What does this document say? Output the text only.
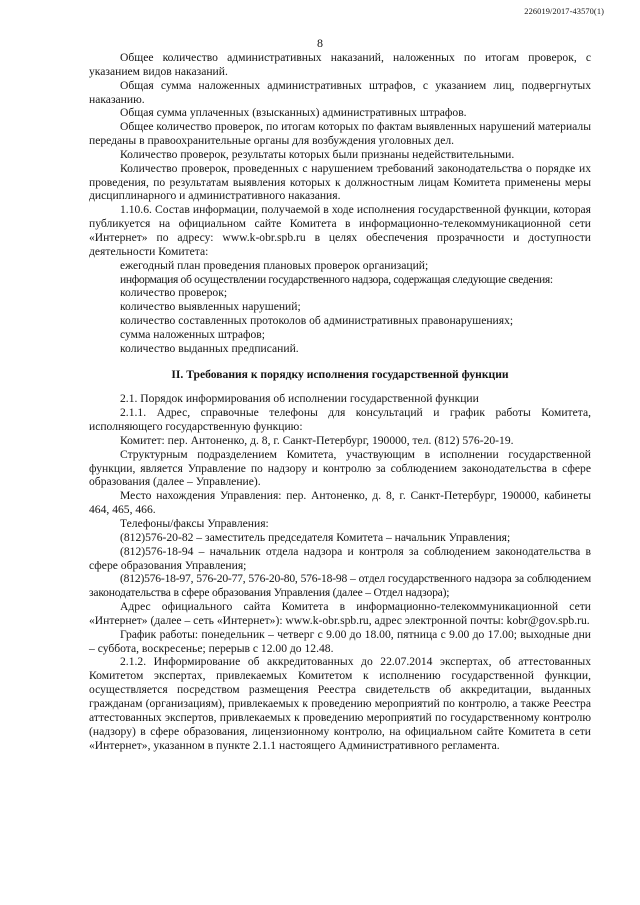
226019/2017-43570(1)
8

Общее количество административных наказаний, наложенных по итогам проверок, с указанием видов наказаний.

Общая сумма наложенных административных штрафов, с указанием лиц, подвергнутых наказанию.

Общая сумма уплаченных (взысканных) административных штрафов.

Общее количество проверок, по итогам которых по фактам выявленных нарушений материалы переданы в правоохранительные органы для возбуждения уголовных дел.

Количество проверок, результаты которых были признаны недействительными.

Количество проверок, проведенных с нарушением требований законодательства о порядке их проведения, по результатам выявления которых к должностным лицам Комитета применены меры дисциплинарного и административного наказания.

1.10.6. Состав информации, получаемой в ходе исполнения государственной функции, которая публикуется на официальном сайте Комитета в информационно-телекоммуникационной сети «Интернет» по адресу: www.k-obr.spb.ru в целях обеспечения прозрачности и доступности деятельности Комитета:

ежегодный план проведения плановых проверок организаций;

информация об осуществлении государственного надзора, содержащая следующие сведения:

количество проверок;

количество выявленных нарушений;

количество составленных протоколов об административных правонарушениях;

сумма наложенных штрафов;

количество выданных предписаний.

II. Требования к порядку исполнения государственной функции

2.1. Порядок информирования об исполнении государственной функции

2.1.1. Адрес, справочные телефоны для консультаций и график работы Комитета, исполняющего государственную функцию:

Комитет: пер. Антоненко, д. 8, г. Санкт-Петербург, 190000, тел. (812) 576-20-19.

Структурным подразделением Комитета, участвующим в исполнении государственной функции, является Управление по надзору и контролю за соблюдением законодательства в сфере образования (далее – Управление).

Место нахождения Управления: пер. Антоненко, д. 8, г. Санкт-Петербург, 190000, кабинеты 464, 465, 466.

Телефоны/факсы Управления:

(812)576-20-82 – заместитель председателя Комитета – начальник Управления;

(812)576-18-94 – начальник отдела надзора и контроля за соблюдением законодательства в сфере образования Управления;

(812)576-18-97, 576-20-77, 576-20-80, 576-18-98 – отдел государственного надзора за соблюдением законодательства в сфере образования Управления (далее – Отдел надзора);

Адрес официального сайта Комитета в информационно-телекоммуникационной сети «Интернет» (далее – сеть «Интернет»): www.k-obr.spb.ru, адрес электронной почты: kobr@gov.spb.ru.

График работы: понедельник – четверг с 9.00 до 18.00, пятница с 9.00 до 17.00; выходные дни – суббота, воскресенье; перерыв с 12.00 до 12.48.

2.1.2. Информирование об аккредитованных до 22.07.2014 экспертах, об аттестованных Комитетом экспертах, привлекаемых Комитетом к исполнению государственной функции, осуществляется посредством размещения Реестра свидетельств об аккредитации, выданных гражданам (организациям), привлекаемых к проведению мероприятий по контролю, а также Реестра аттестованных экспертов, привлекаемых к проведению мероприятий по государственному контролю (надзору) в сфере образования, лицензионному контролю, на официальном сайте Комитета в сети «Интернет», указанном в пункте 2.1.1 настоящего Административного регламента.
